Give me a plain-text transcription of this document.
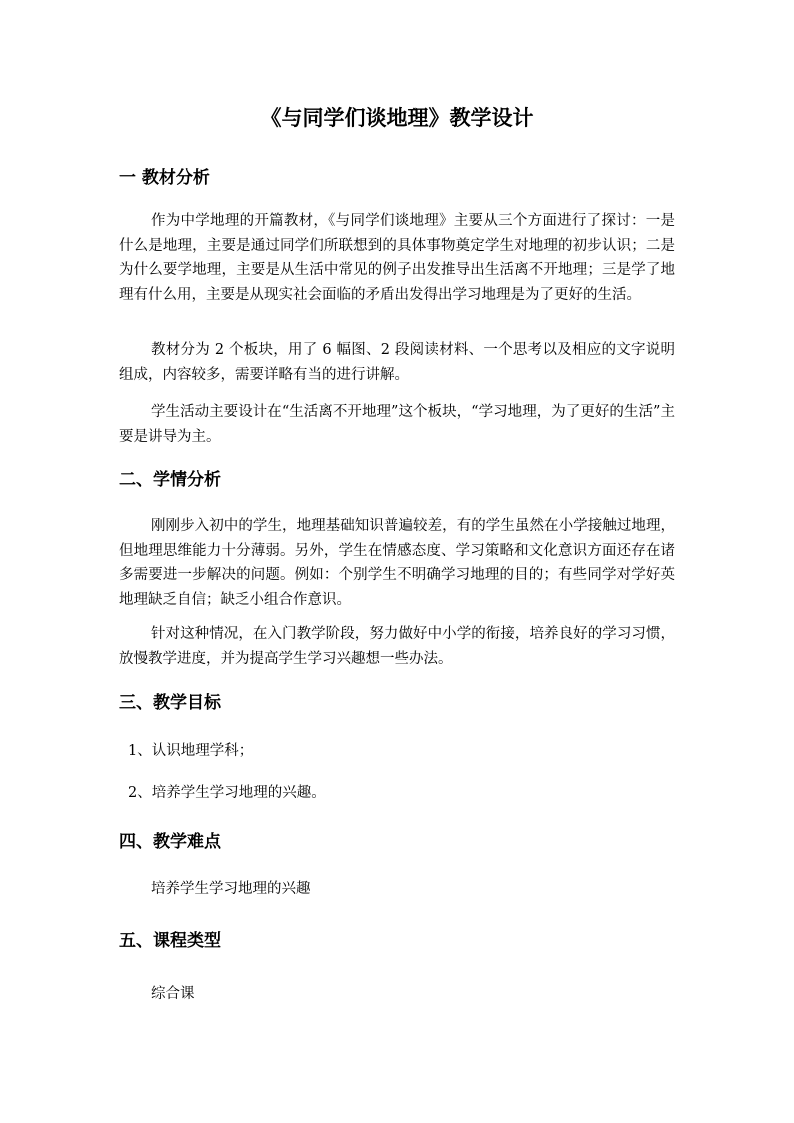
《与同学们谈地理》教学设计
一 教材分析
作为中学地理的开篇教材，《与同学们谈地理》主要从三个方面进行了探讨：一是什么是地理，主要是通过同学们所联想到的具体事物奠定学生对地理的初步认识；二是为什么要学地理，主要是从生活中常见的例子出发推导出生活离不开地理；三是学了地理有什么用，主要是从现实社会面临的矛盾出发得出学习地理是为了更好的生活。
教材分为 2 个板块，用了 6 幅图、2 段阅读材料、一个思考以及相应的文字说明组成，内容较多，需要详略有当的进行讲解。
学生活动主要设计在“生活离不开地理”这个板块，“学习地理，为了更好的生活”主要是讲导为主。
二、学情分析
刚刚步入初中的学生，地理基础知识普遍较差，有的学生虽然在小学接触过地理，但地理思维能力十分薄弱。另外，学生在情感态度、学习策略和文化意识方面还存在诸多需要进一步解决的问题。例如：个别学生不明确学习地理的目的；有些同学对学好英地理缺乏自信；缺乏小组合作意识。
针对这种情况，在入门教学阶段，努力做好中小学的衔接，培养良好的学习习惯，放慢教学进度，并为提高学生学习兴趣想一些办法。
三、教学目标
1、认识地理学科；
2、培养学生学习地理的兴趣。
四、教学难点
培养学生学习地理的兴趣
五、课程类型
综合课
